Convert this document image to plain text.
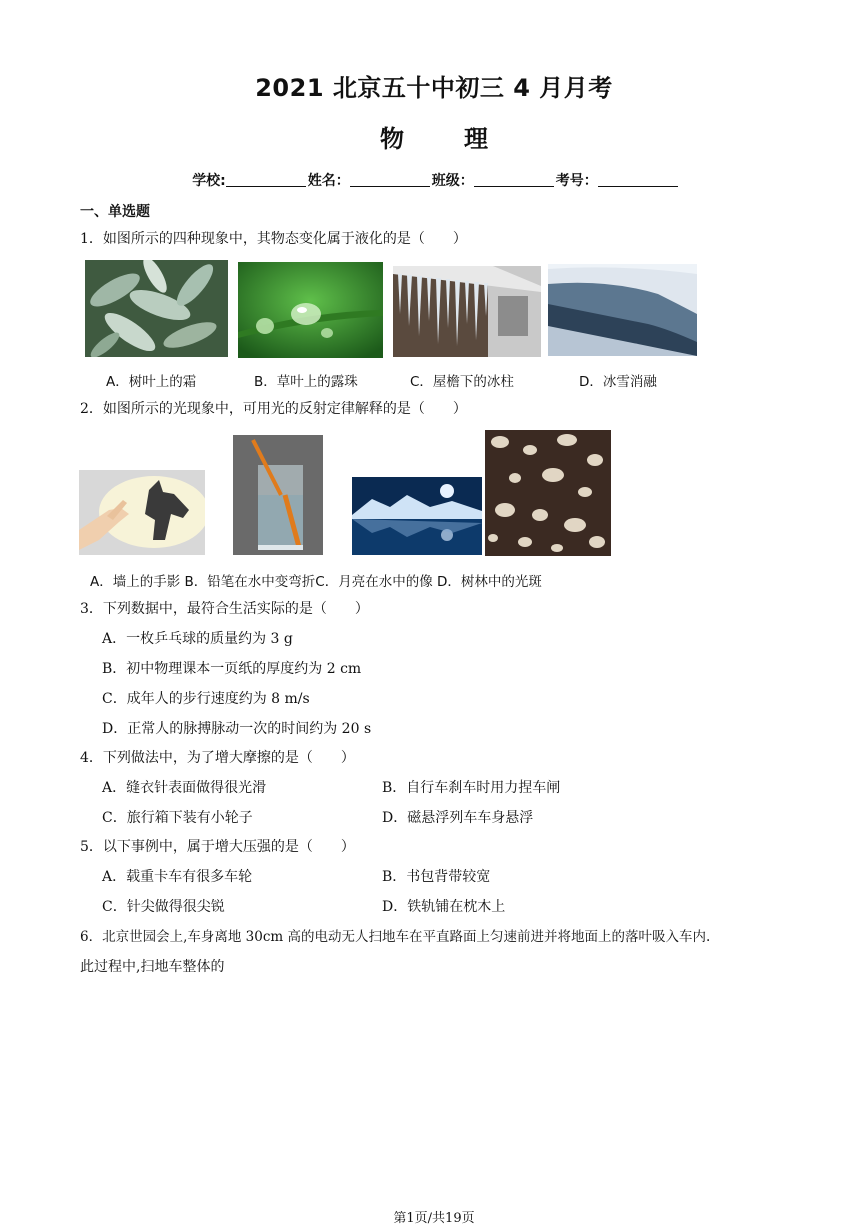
2021 北京五十中初三 4 月月考
物	理
学校:	姓名：	班级：	考号：
一、单选题
1．如图所示的四种现象中，其物态变化属于液化的是（　　）
A．树叶上的霜	B．草叶上的露珠	C．屋檐下的冰柱	D．冰雪消融
2．如图所示的光现象中，可用光的反射定律解释的是（　　）
A．墙上的手影 B．铅笔在水中变弯折C．月亮在水中的像 D．树林中的光斑
3．下列数据中，最符合生活实际的是（　　）
A．一枚乒乓球的质量约为 3 g
B．初中物理课本一页纸的厚度约为 2 cm
C．成年人的步行速度约为 8 m/s
D．正常人的脉搏脉动一次的时间约为 20 s
4．下列做法中，为了增大摩擦的是（　　）
A．缝衣针表面做得很光滑	B．自行车刹车时用力捏车闸
C．旅行箱下装有小轮子	D．磁悬浮列车车身悬浮
5．以下事例中，属于增大压强的是（　　）
A．载重卡车有很多车轮	B．书包背带较宽
C．针尖做得很尖锐	D．铁轨铺在枕木上
6．北京世园会上,车身离地 30cm 高的电动无人扫地车在平直路面上匀速前进并将地面上的落叶吸入车内.
此过程中,扫地车整体的
第1页/共19页
